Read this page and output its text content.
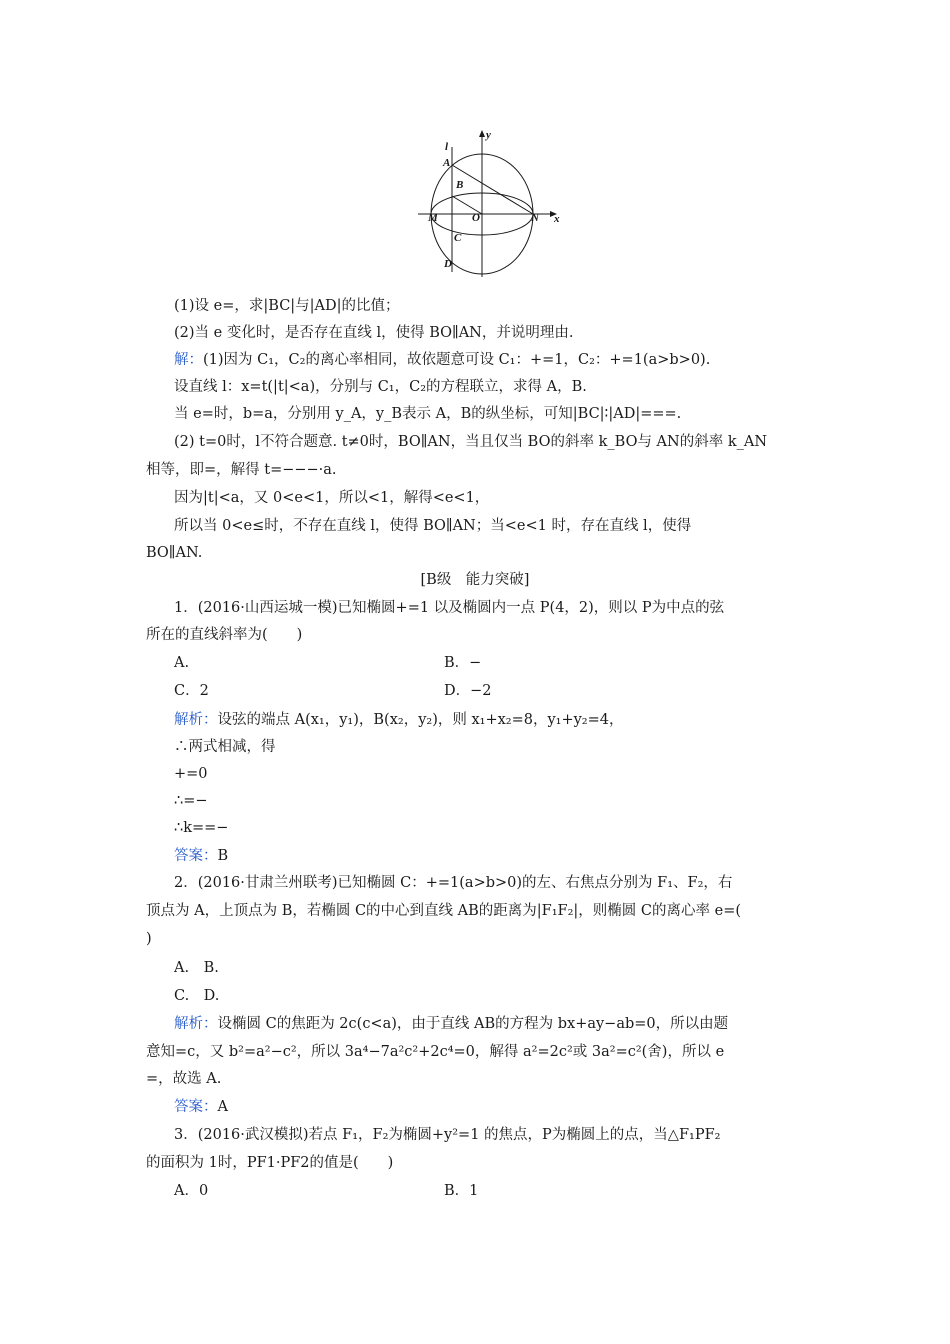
l
y
A
B
M	O	N x
C
D
(1)设 e=，求|BC|与|AD|的比值；
(2)当 e 变化时，是否存在直线 l，使得 BO∥AN，并说明理由.
解：(1)因为 C₁，C₂的离心率相同，故依题意可设 C₁：+=1，C₂：+=1(a>b>0).
设直线 l：x=t(|t|<a)，分别与 C₁，C₂的方程联立，求得 A，B.
当 e=时，b=a，分别用 y_A，y_B表示 A，B的纵坐标，可知|BC|∶|AD|===.
(2) t=0时，l不符合题意. t≠0时，BO∥AN，当且仅当 BO的斜率 k_BO与 AN的斜率 k_AN
相等，即=，解得 t=−−−·a.
因为|t|<a，又 0<e<1，所以<1，解得<e<1，
所以当 0<e≤时，不存在直线 l，使得 BO∥AN；当<e<1 时，存在直线 l，使得
BO∥AN.
[B级　能力突破]
1．(2016·山西运城一模)已知椭圆+=1 以及椭圆内一点 P(4，2)，则以 P为中点的弦
所在的直线斜率为(　　)
A.	B．−
C．2	D．−2
解析：设弦的端点 A(x₁，y₁)，B(x₂，y₂)，则 x₁+x₂=8，y₁+y₂=4，
∴两式相减，得
+=0
∴=−
∴k==−
答案：B
2．(2016·甘肃兰州联考)已知椭圆 C：+=1(a>b>0)的左、右焦点分别为 F₁、F₂，右
顶点为 A，上顶点为 B，若椭圆 C的中心到直线 AB的距离为|F₁F₂|，则椭圆 C的离心率 e=(
)
A.　B.
C.　D.
解析：设椭圆 C的焦距为 2c(c<a)，由于直线 AB的方程为 bx+ay−ab=0，所以由题
意知=c，又 b²=a²−c²，所以 3a⁴−7a²c²+2c⁴=0，解得 a²=2c²或 3a²=c²(舍)，所以 e
=，故选 A.
答案：A
3．(2016·武汉模拟)若点 F₁，F₂为椭圆+y²=1 的焦点，P为椭圆上的点，当△F₁PF₂
的面积为 1时，PF1·PF2的值是(　　)
A．0	B．1
